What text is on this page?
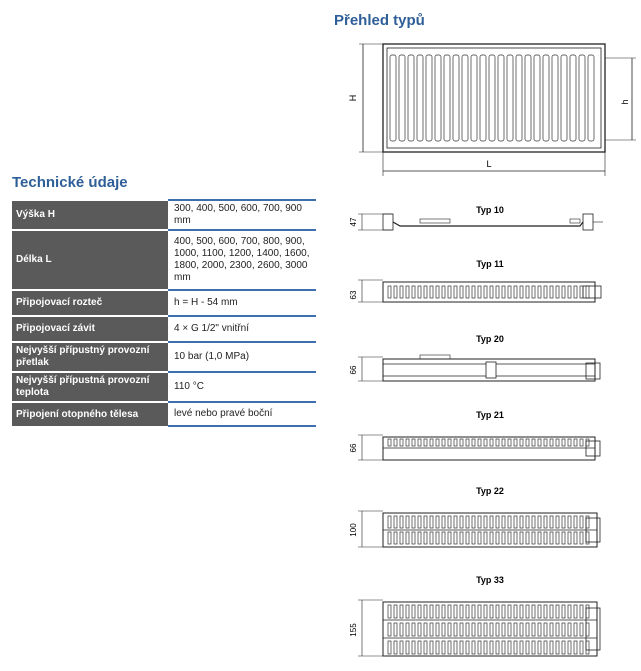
Přehled typů
Technické údaje
Výška H	300, 400, 500, 600, 700, 900 mm
Délka L	400, 500, 600, 700, 800, 900, 1000, 1100, 1200, 1400, 1600, 1800, 2000, 2300, 2600, 3000 mm
Připojovací rozteč	h = H - 54 mm
Připojovací závit	4 × G 1/2" vnitřní
Nejvyšší přípustný provozní přetlak	10 bar (1,0 MPa)
Nejvyšší přípustná provozní teplota	110 °C
Připojení otopného tělesa	levé nebo pravé boční
H
h
L
Typ 10
47
Typ 11
63
Typ 20
66
Typ 21
66
Typ 22
100
Typ 33
155
